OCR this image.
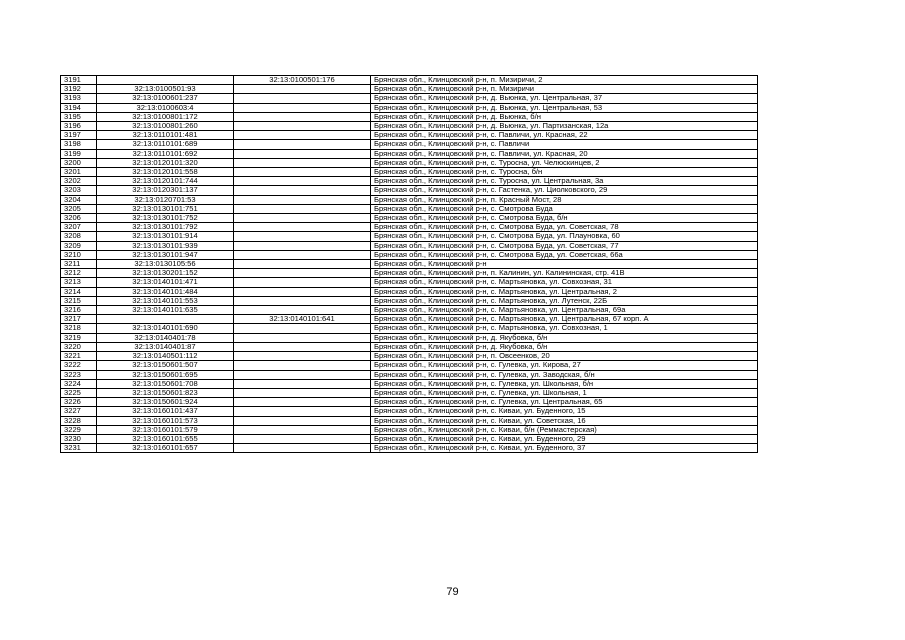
3191		32:13:0100501:176	Брянская обл., Клинцовский р-н, п. Мизиричи, 2
3192	32:13:0100501:93		Брянская обл., Клинцовский р-н, п. Мизиричи
3193	32:13:0100601:237		Брянская обл., Клинцовский р-н, д. Вьюнка, ул. Центральная, 37
3194	32:13:0100603:4		Брянская обл., Клинцовский р-н, д. Вьюнка, ул. Центральная, 53
3195	32:13:0100801:172		Брянская обл., Клинцовский р-н, д. Вьюнка, б/н
3196	32:13:0100801:260		Брянская обл., Клинцовский р-н, д. Вьюнка, ул. Партизанская, 12а
3197	32:13:0110101:481		Брянская обл., Клинцовский р-н, с. Павличи, ул. Красная, 22
3198	32:13:0110101:689		Брянская обл., Клинцовский р-н, с. Павличи
3199	32:13:0110101:692		Брянская обл., Клинцовский р-н, с. Павличи, ул. Красная, 20
3200	32:13:0120101:320		Брянская обл., Клинцовский р-н, с. Туросна, ул. Челюскинцев, 2
3201	32:13:0120101:558		Брянская обл., Клинцовский р-н, с. Туросна, б/н
3202	32:13:0120101:744		Брянская обл., Клинцовский р-н, с. Туросна, ул. Центральная, 3а
3203	32:13:0120301:137		Брянская обл., Клинцовский р-н, с. Гастенка, ул. Циолковского, 29
3204	32:13:0120701:53		Брянская обл., Клинцовский р-н, п. Красный Мост, 28
3205	32:13:0130101:751		Брянская обл., Клинцовский р-н, с. Смотрова Буда
3206	32:13:0130101:752		Брянская обл., Клинцовский р-н, с. Смотрова Буда, б/н
3207	32:13:0130101:792		Брянская обл., Клинцовский р-н, с. Смотрова Буда, ул. Советская, 78
3208	32:13:0130101:914		Брянская обл., Клинцовский р-н, с. Смотрова Буда, ул. Плауновка, 60
3209	32:13:0130101:939		Брянская обл., Клинцовский р-н, с. Смотрова Буда, ул. Советская, 77
3210	32:13:0130101:947		Брянская обл., Клинцовский р-н, с. Смотрова Буда, ул. Советская, 66а
3211	32:13:0130105:56		Брянская обл., Клинцовский р-н
3212	32:13:0130201:152		Брянская обл., Клинцовский р-н, п. Калинин, ул. Калининская, стр. 41В
3213	32:13:0140101:471		Брянская обл., Клинцовский р-н, с. Мартьяновка, ул. Совхозная, 31
3214	32:13:0140101:484		Брянская обл., Клинцовский р-н, с. Мартьяновка, ул. Центральная, 2
3215	32:13:0140101:553		Брянская обл., Клинцовский р-н, с. Мартьяновка, ул. Лутенск, 22Б
3216	32:13:0140101:635		Брянская обл., Клинцовский р-н, с. Мартьяновка, ул. Центральная, 69а
3217		32:13:0140101:641	Брянская обл., Клинцовский р-н, с. Мартьяновка, ул. Центральная, 67 корп. А
3218	32:13:0140101:690		Брянская обл., Клинцовский р-н, с. Мартьяновка, ул. Совхозная, 1
3219	32:13:0140401:78		Брянская обл., Клинцовский р-н, д. Якубовка, б/н
3220	32:13:0140401:87		Брянская обл., Клинцовский р-н, д. Якубовка, б/н
3221	32:13:0140501:112		Брянская обл., Клинцовский р-н, п. Овсеенков, 20
3222	32:13:0150601:507		Брянская обл., Клинцовский р-н, с. Гулевка, ул. Кирова, 27
3223	32:13:0150601:695		Брянская обл., Клинцовский р-н, с. Гулевка, ул. Заводская, б/н
3224	32:13:0150601:708		Брянская обл., Клинцовский р-н, с. Гулевка, ул. Школьная, б/н
3225	32:13:0150601:823		Брянская обл., Клинцовский р-н, с. Гулевка, ул. Школьная, 1
3226	32:13:0150601:924		Брянская обл., Клинцовский р-н, с. Гулевка, ул. Центральная, 65
3227	32:13:0160101:437		Брянская обл., Клинцовский р-н, с. Киваи, ул. Буденного, 15
3228	32:13:0160101:573		Брянская обл., Клинцовский р-н, с. Киваи, ул. Советская, 16
3229	32:13:0160101:579		Брянская обл., Клинцовский р-н, с. Киваи, б/н (Реммастерская)
3230	32:13:0160101:655		Брянская обл., Клинцовский р-н, с. Киваи, ул. Буденного, 29
3231	32:13:0160101:657		Брянская обл., Клинцовский р-н, с. Киваи, ул. Буденного, 37
79
